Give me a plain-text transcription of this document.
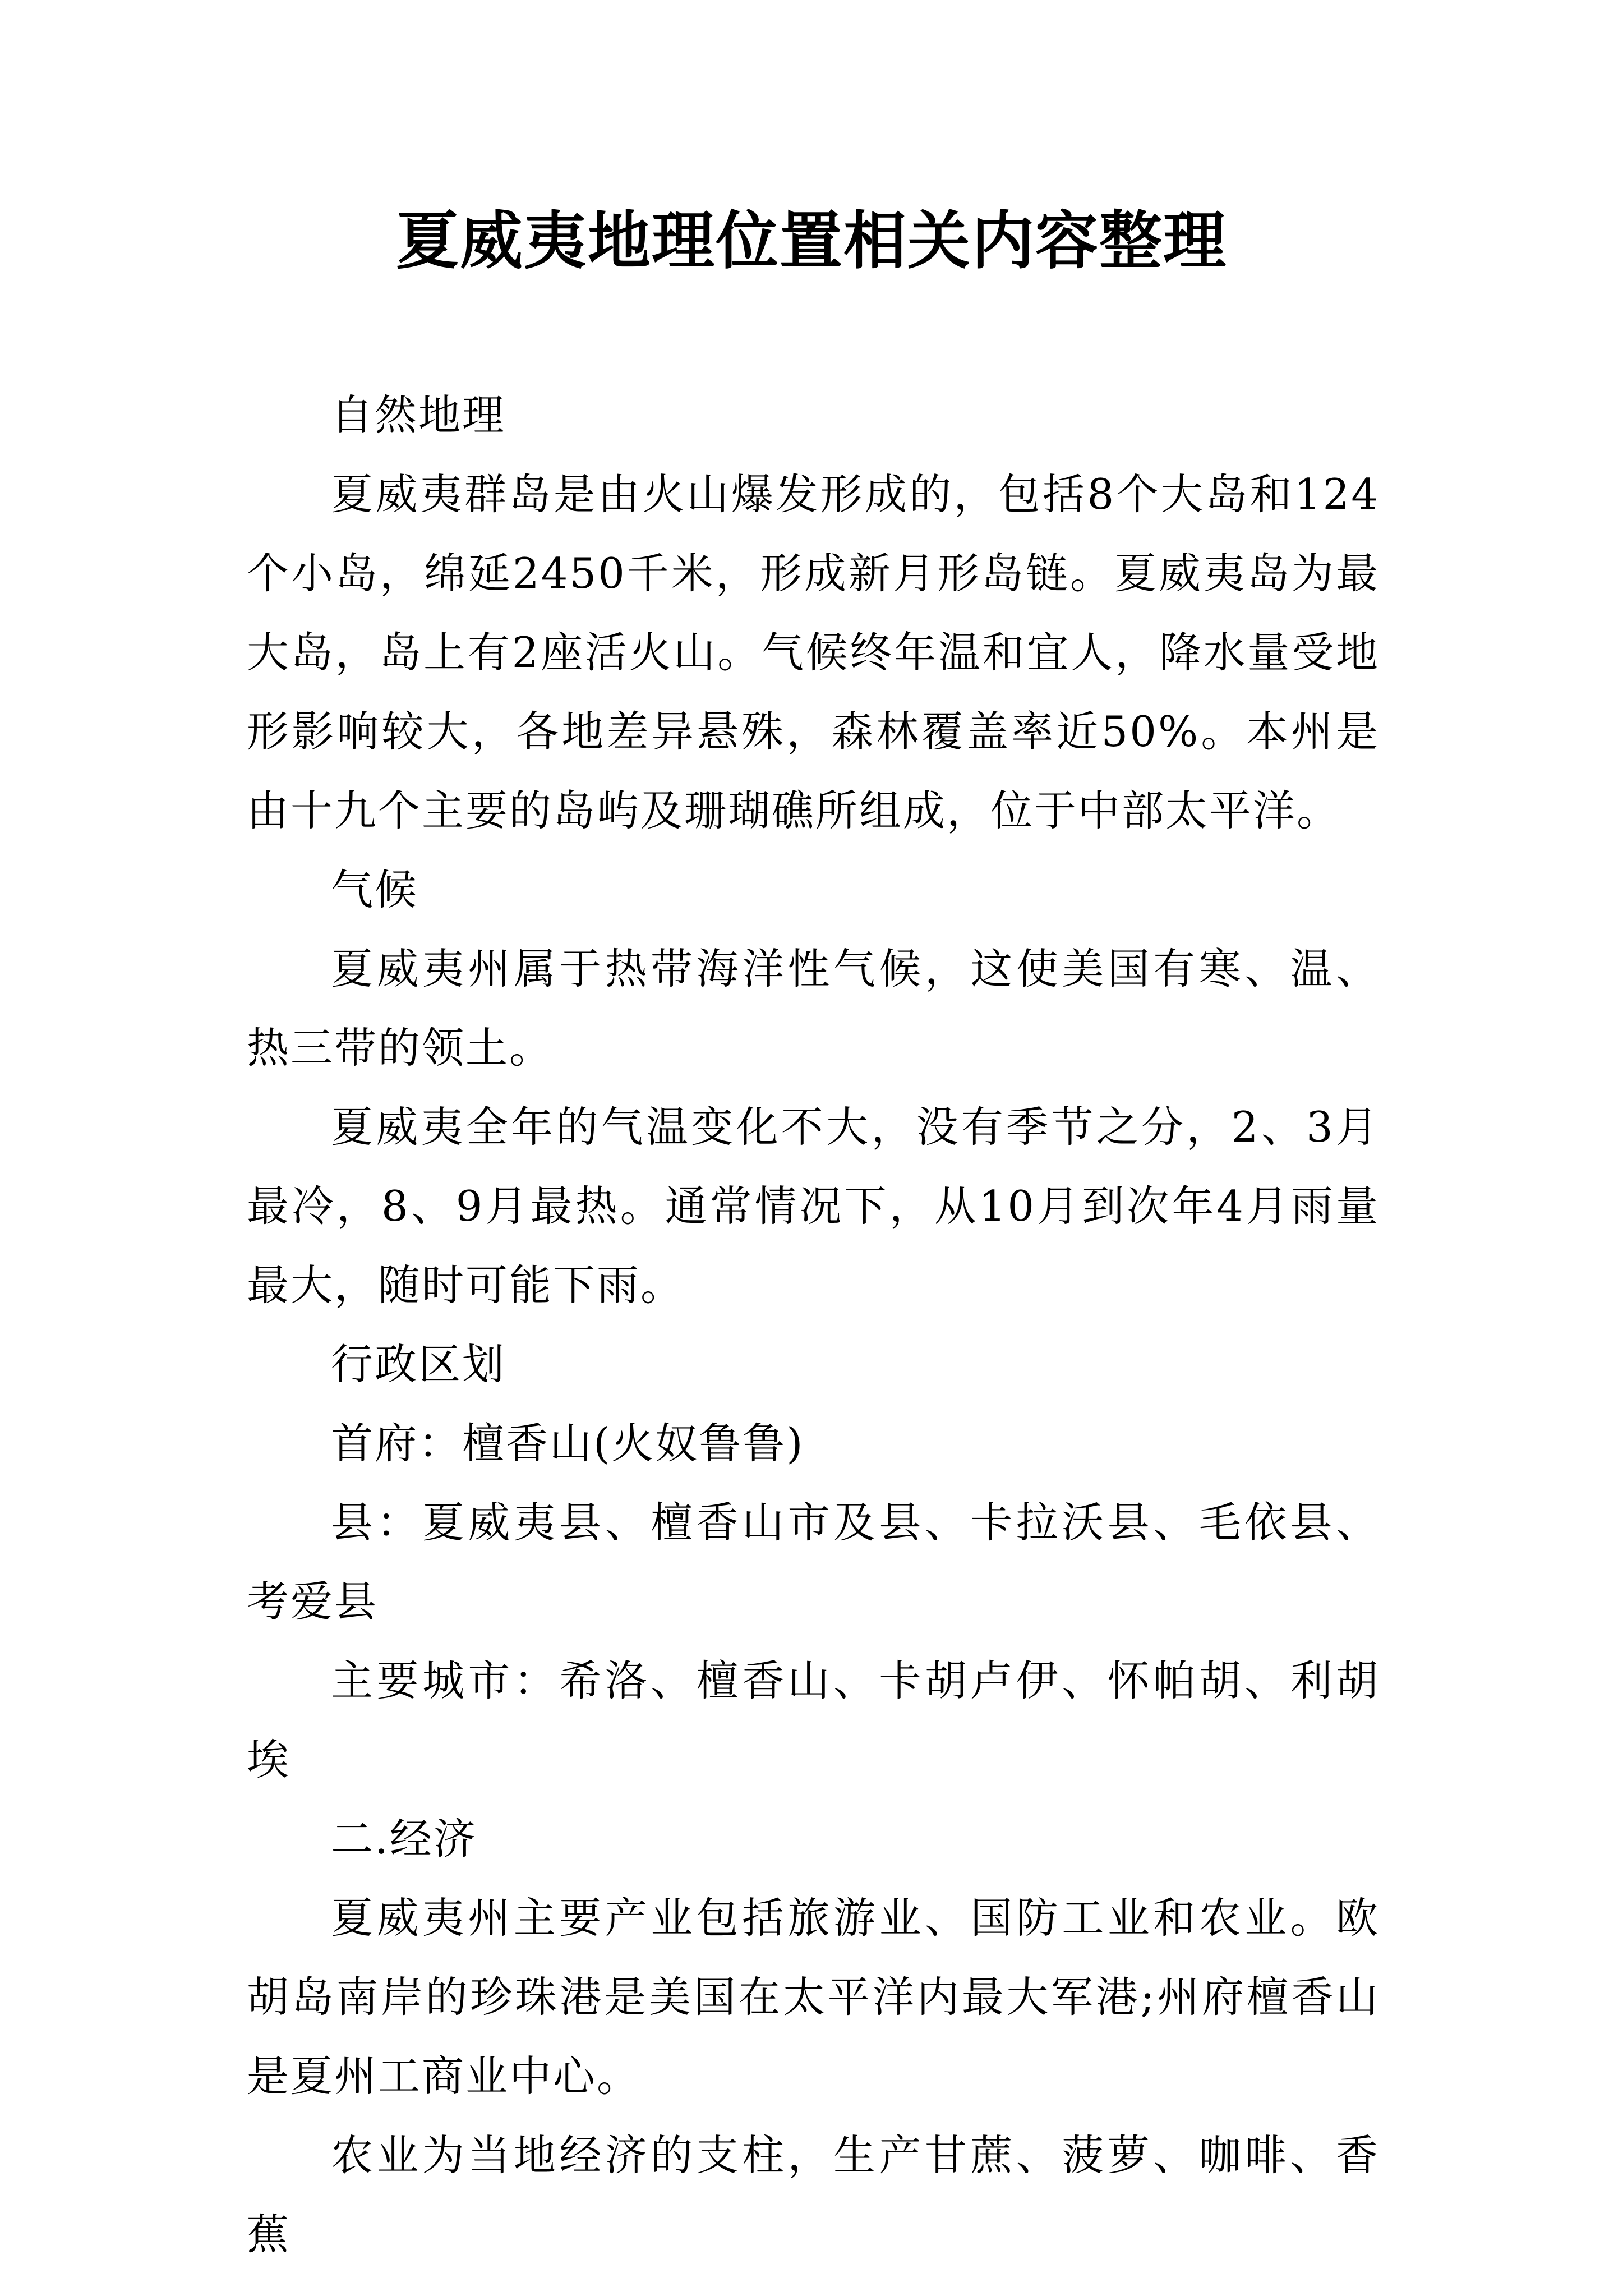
夏威夷地理位置相关内容整理

自然地理

夏威夷群岛是由火山爆发形成的，包括8个大岛和124个小岛，绵延2450千米，形成新月形岛链。夏威夷岛为最大岛，岛上有2座活火山。气候终年温和宜人，降水量受地形影响较大，各地差异悬殊，森林覆盖率近50%。本州是由十九个主要的岛屿及珊瑚礁所组成，位于中部太平洋。

气候

夏威夷州属于热带海洋性气候，这使美国有寒、温、热三带的领土。

夏威夷全年的气温变化不大，没有季节之分，2、3月最冷，8、9月最热。通常情况下，从10月到次年4月雨量最大，随时可能下雨。

行政区划

首府：檀香山(火奴鲁鲁)

县：夏威夷县、檀香山市及县、卡拉沃县、毛依县、考爱县

主要城市：希洛、檀香山、卡胡卢伊、怀帕胡、利胡埃

二.经济

夏威夷州主要产业包括旅游业、国防工业和农业。欧胡岛南岸的珍珠港是美国在太平洋内最大军港;州府檀香山是夏州工商业中心。

农业为当地经济的支柱，生产甘蔗、菠萝、咖啡、香蕉
